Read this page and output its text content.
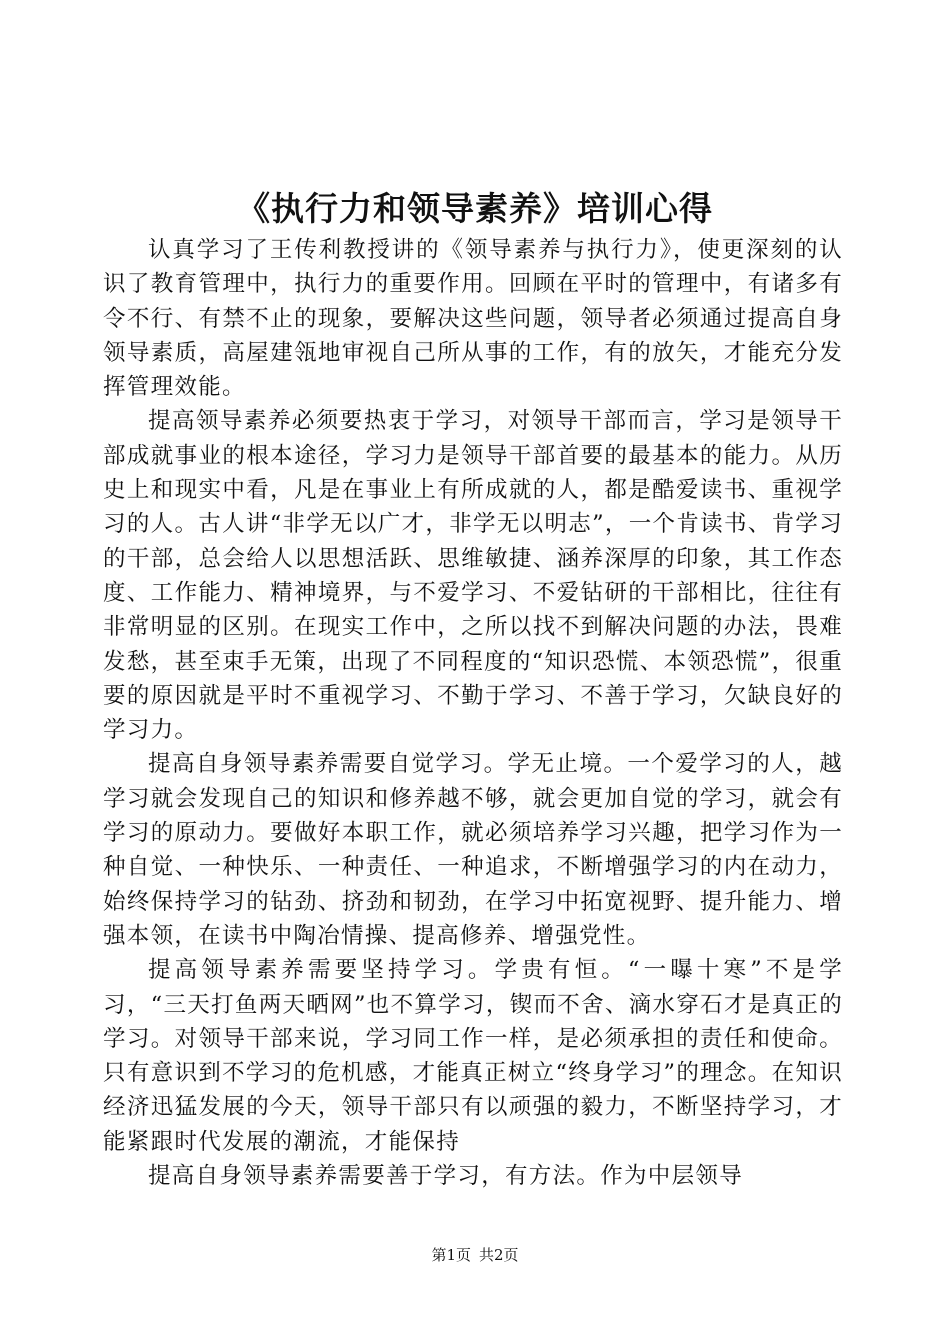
《执行力和领导素养》培训心得

认真学习了王传利教授讲的《领导素养与执行力》，使更深刻的认识了教育管理中，执行力的重要作用。回顾在平时的管理中，有诸多有令不行、有禁不止的现象，要解决这些问题，领导者必须通过提高自身领导素质，高屋建瓴地审视自己所从事的工作，有的放矢，才能充分发挥管理效能。

提高领导素养必须要热衷于学习，对领导干部而言，学习是领导干部成就事业的根本途径，学习力是领导干部首要的最基本的能力。从历史上和现实中看，凡是在事业上有所成就的人，都是酷爱读书、重视学习的人。古人讲“非学无以广才，非学无以明志”，一个肯读书、肯学习的干部，总会给人以思想活跃、思维敏捷、涵养深厚的印象，其工作态度、工作能力、精神境界，与不爱学习、不爱钻研的干部相比，往往有非常明显的区别。在现实工作中，之所以找不到解决问题的办法，畏难发愁，甚至束手无策，出现了不同程度的“知识恐慌、本领恐慌”，很重要的原因就是平时不重视学习、不勤于学习、不善于学习，欠缺良好的学习力。

提高自身领导素养需要自觉学习。学无止境。一个爱学习的人，越学习就会发现自己的知识和修养越不够，就会更加自觉的学习，就会有学习的原动力。要做好本职工作，就必须培养学习兴趣，把学习作为一种自觉、一种快乐、一种责任、一种追求，不断增强学习的内在动力，始终保持学习的钻劲、挤劲和韧劲，在学习中拓宽视野、提升能力、增强本领，在读书中陶冶情操、提高修养、增强党性。

提高领导素养需要坚持学习。学贵有恒。“一曝十寒”不是学习，“三天打鱼两天晒网”也不算学习，锲而不舍、滴水穿石才是真正的学习。对领导干部来说，学习同工作一样，是必须承担的责任和使命。只有意识到不学习的危机感，才能真正树立“终身学习”的理念。在知识经济迅猛发展的今天，领导干部只有以顽强的毅力，不断坚持学习，才能紧跟时代发展的潮流，才能保持

提高自身领导素养需要善于学习，有方法。作为中层领导

第1页 共2页
